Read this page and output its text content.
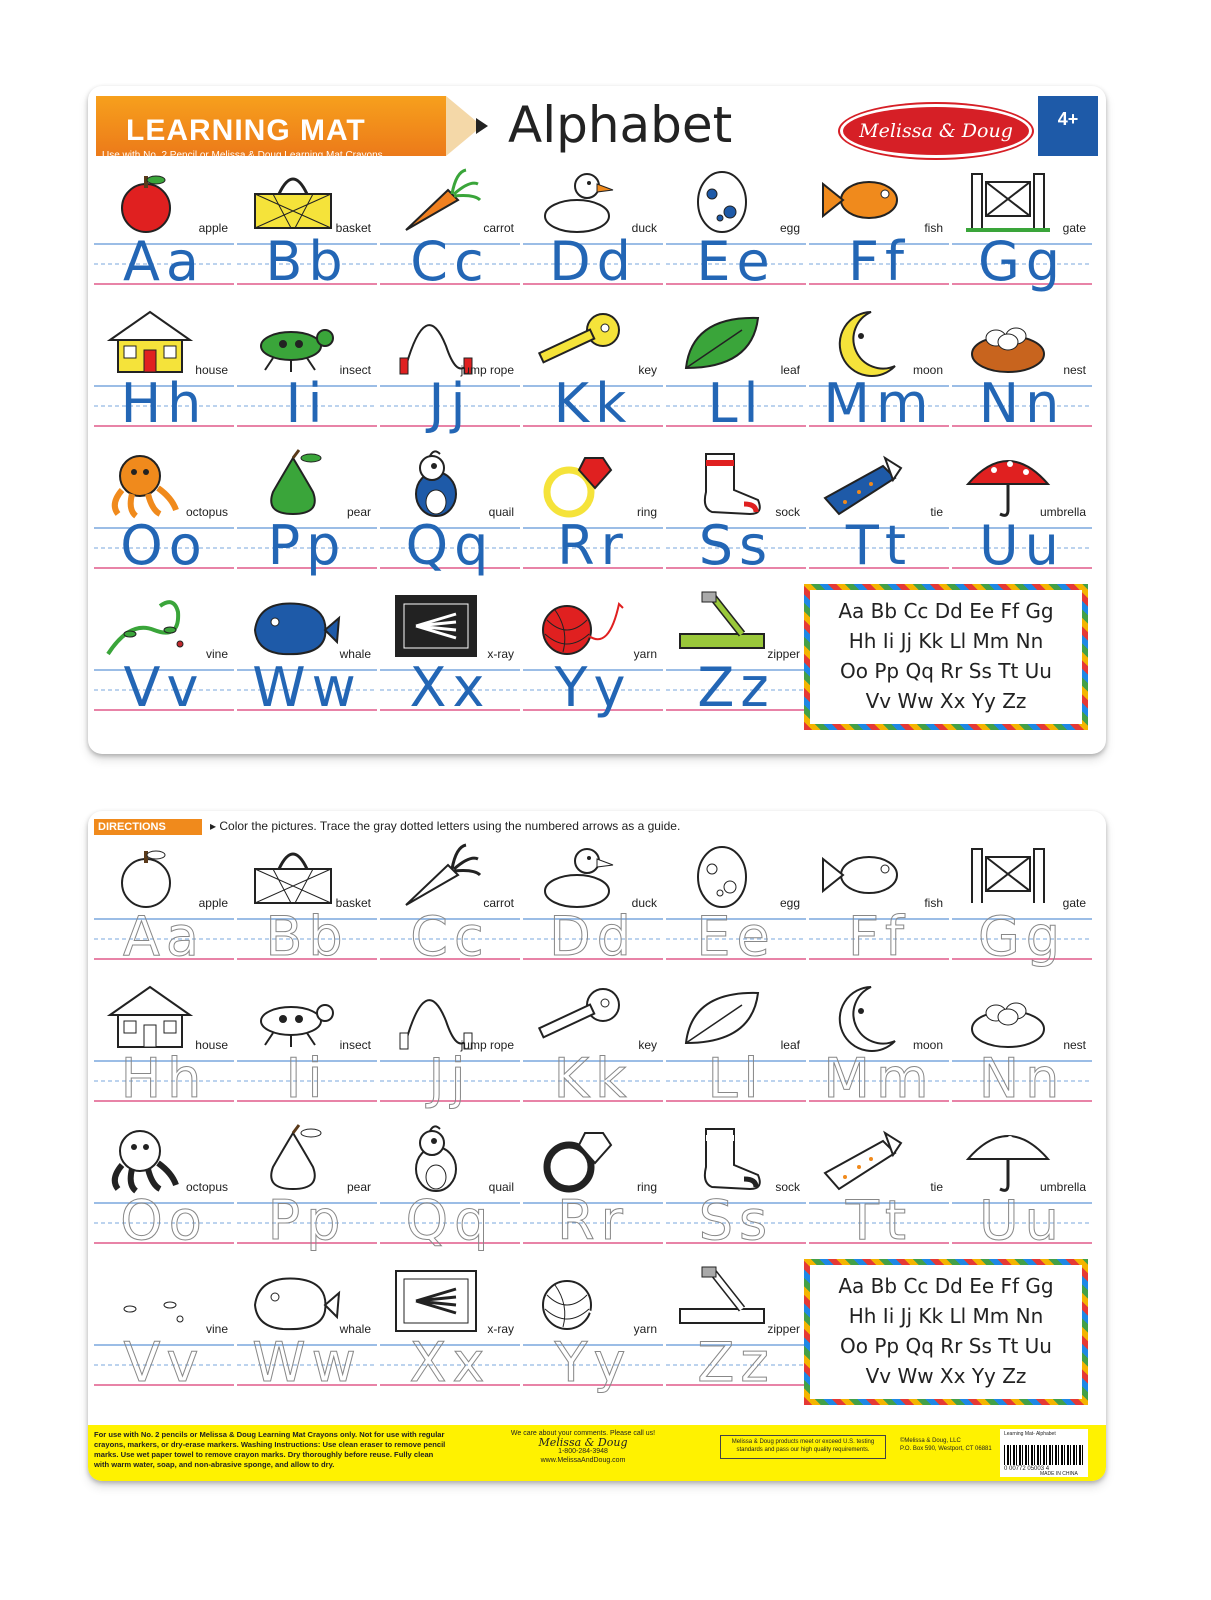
LEARNING MAT
Use with No. 2 Pencil or Melissa & Doug Learning Mat Crayons
Alphabet	Melissa & Doug
4+
apple
Aa
basket
Bb
carrot
Cc
duck
Dd
egg
Ee
fish
Ff
gate
Gg
house
Hh
insect
Ii
jump rope
Jj
key
Kk
leaf
Ll
moon
Mm
nest
Nn
octopus
Oo
pear
Pp
quail
Qq
ring
Rr
sock
Ss
tie
Tt
umbrella
Uu
vine
Vv
whale
Ww
x-ray
Xx
yarn
Yy
zipper
Zz
Aa Bb Cc Dd Ee Ff Gg
Hh Ii Jj Kk Ll Mm Nn
Oo Pp Qq Rr Ss Tt Uu
Vv Ww Xx Yy Zz
DIRECTIONS	▸ Color the pictures. Trace the gray dotted letters using the numbered arrows as a guide.
apple
Aa
basket
Bb
carrot
Cc
duck
Dd
egg
Ee
fish
Ff
gate
Gg
house
Hh
insect
Ii
jump rope
Jj
key
Kk
leaf
Ll
moon
Mm
nest
Nn
octopus
Oo
pear
Pp
quail
Qq
ring
Rr
sock
Ss
tie
Tt
umbrella
Uu
vine
Vv
whale
Ww
x-ray
Xx
yarn
Yy
zipper
Zz
Aa Bb Cc Dd Ee Ff Gg
Hh Ii Jj Kk Ll Mm Nn
Oo Pp Qq Rr Ss Tt Uu
Vv Ww Xx Yy Zz
For use with No. 2 pencils or Melissa & Doug Learning Mat Crayons only. Not for use with regular crayons, markers, or dry-erase markers. Washing Instructions: Use clean eraser to remove pencil marks. Use wet paper towel to remove crayon marks. Dry thoroughly before reuse. Fully clean with warm water, soap, and non-abrasive sponge, and allow to dry.
We care about your comments. Please call us!
Melissa & Doug
1-800-284-3948
www.MelissaAndDoug.com
Melissa & Doug products meet or exceed U.S. testing standards and pass our high quality requirements.
©Melissa & Doug, LLC
P.O. Box 590, Westport, CT 06881
Learning Mat- Alphabet
0 00772 05003 4
MADE IN CHINA
